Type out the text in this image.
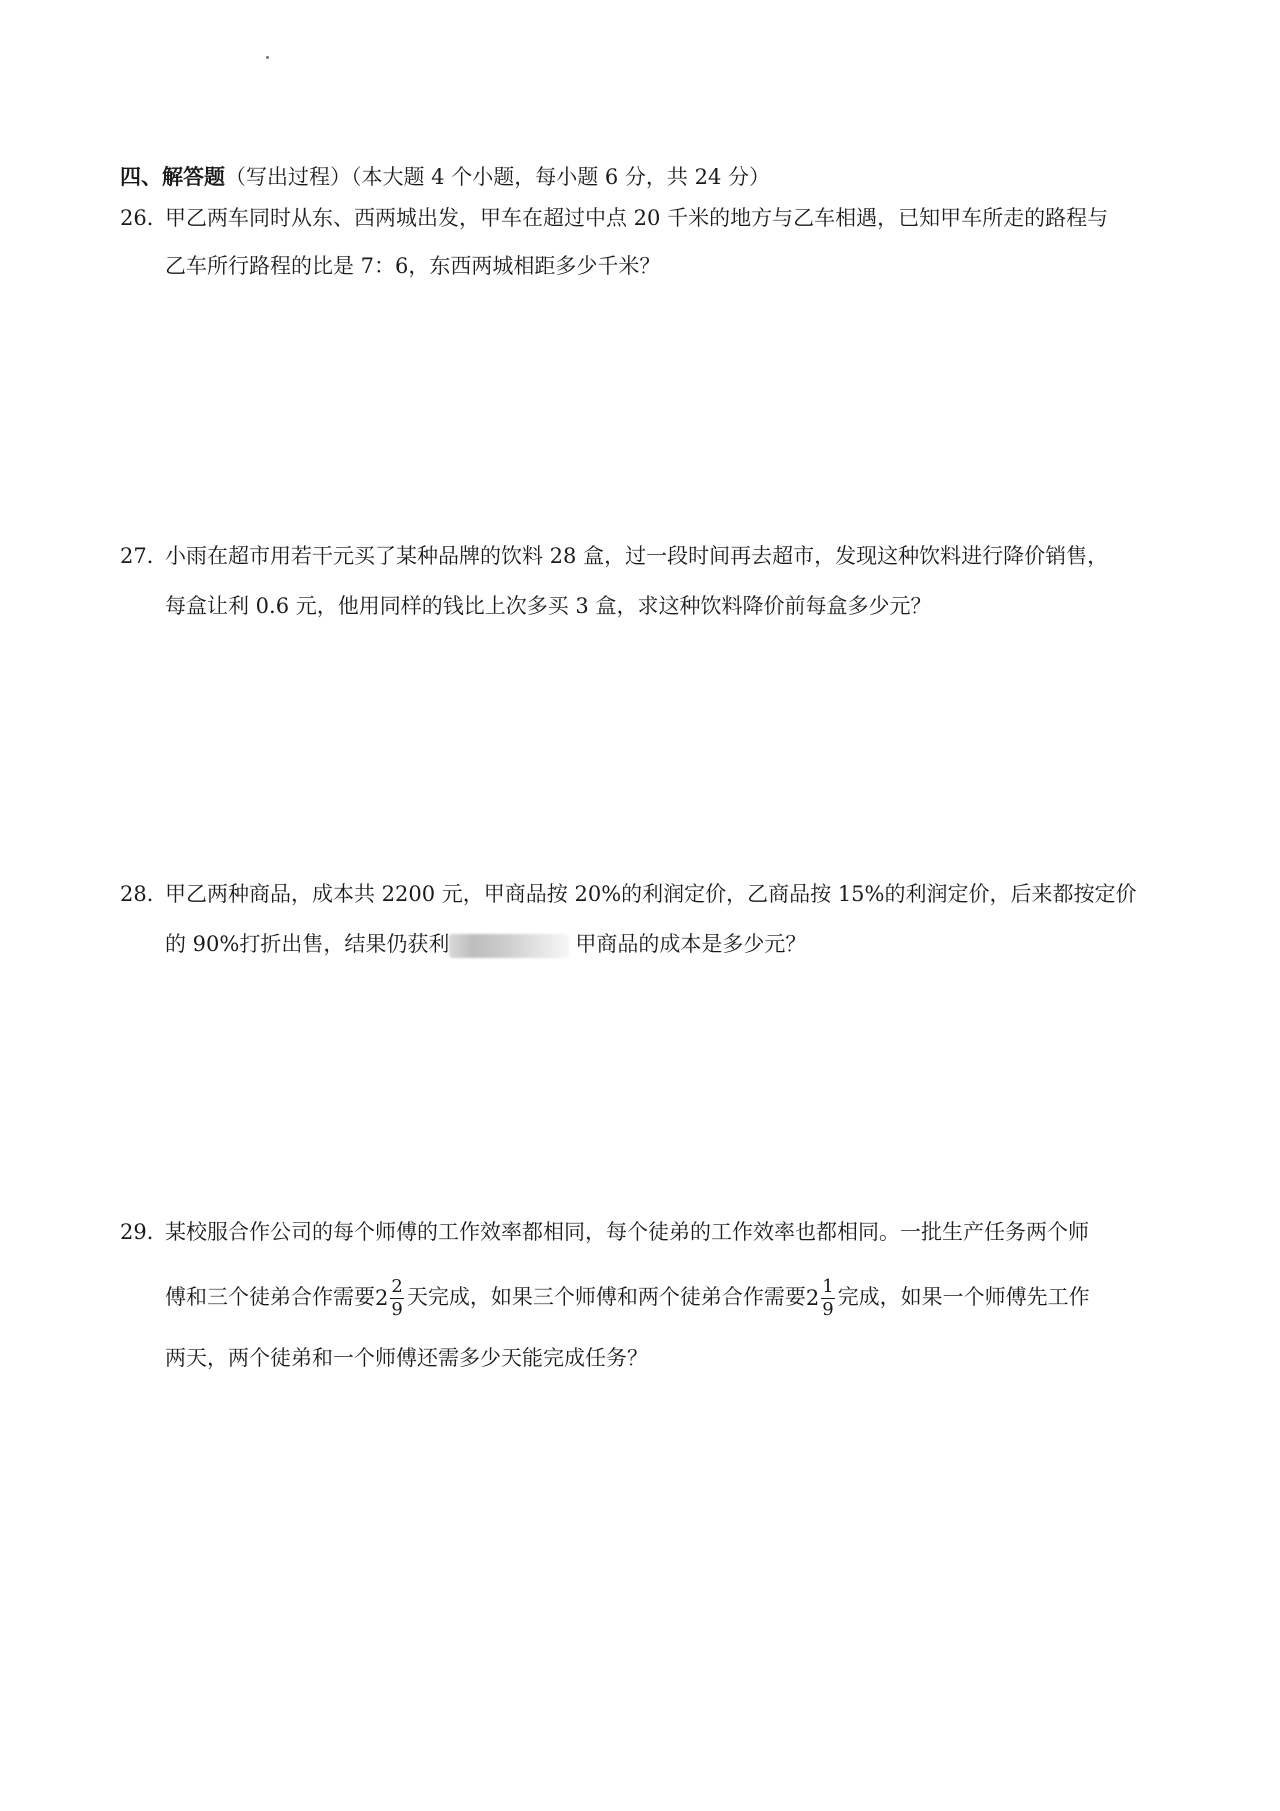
四、解答题（写出过程）（本大题 4 个小题，每小题 6 分，共 24 分）
26．
甲乙两车同时从东、西两城出发，甲车在超过中点 20 千米的地方与乙车相遇，已知甲车所走的路程与
乙车所行路程的比是 7：6，东西两城相距多少千米？
27．
小雨在超市用若干元买了某种品牌的饮料 28 盒，过一段时间再去超市，发现这种饮料进行降价销售，
每盒让利 0.6 元，他用同样的钱比上次多买 3 盒，求这种饮料降价前每盒多少元？
28．
甲乙两种商品，成本共 2200 元，甲商品按 20%的利润定价，乙商品按 15%的利润定价，后来都按定价
的 90%打折出售，结果仍获利	甲商品的成本是多少元？
29．
某校服合作公司的每个师傅的工作效率都相同，每个徒弟的工作效率也都相同。一批生产任务两个师
傅和三个徒弟合作需要$2 \frac{2}{9}$ 天完成，如果三个师傅和两个徒弟合作需要$2 \frac{1}{9}$ 完成，如果一个师傅先工作
两天，两个徒弟和一个师傅还需多少天能完成任务？
